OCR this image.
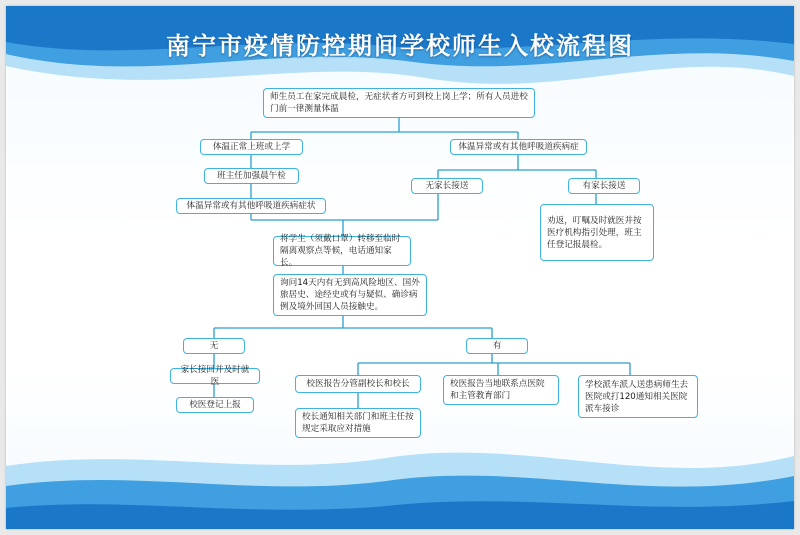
南宁市疫情防控期间学校师生入校流程图
师生员工在家完成晨检，无症状者方可到校上岗上学；所有人员进校门前一律测量体温
体温正常上班或上学	体温异常或有其他呼吸道疾病症
班主任加强晨午检
体温异常或有其他呼吸道疾病症状
无家长接送	有家长接送
劝返，叮嘱及时就医并按医疗机构指引处理，班主任登记报晨检。
将学生（须戴口罩）转移至临时隔离观察点等候，电话通知家长。
询问14天内有无到高风险地区、国外旅居史、途经史或有与疑似、确诊病例及境外回国人员接触史。
无	有
家长接回并及时就医
校医登记上报
校医报告分管副校长和校长
校长通知相关部门和班主任按规定采取应对措施
校医报告当地联系点医院和主管教育部门
学校派车派人送患病师生去医院或打120通知相关医院派车接诊
